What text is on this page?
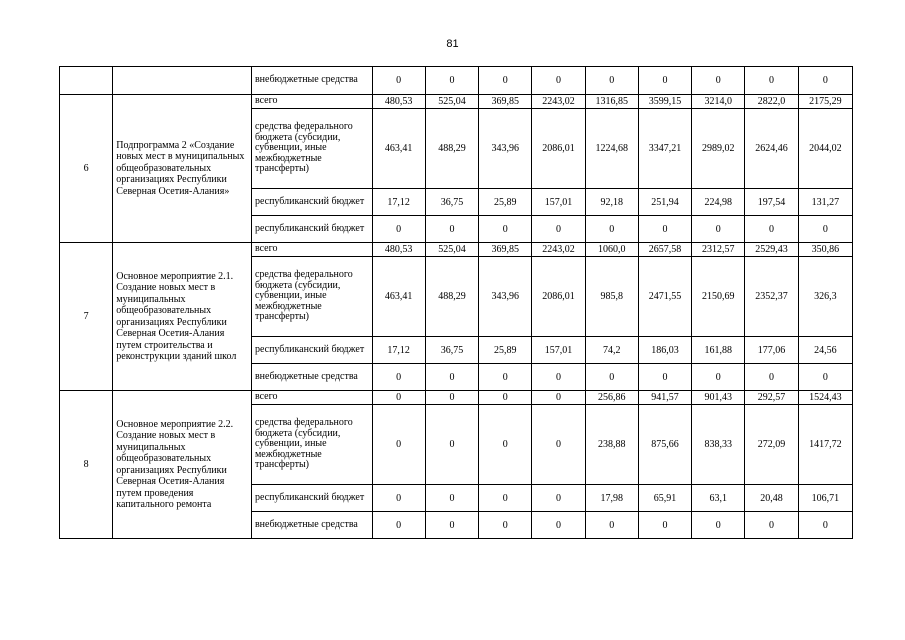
81
		внебюджетные средства	0	0	0	0	0	0	0	0	0
6	Подпрограмма 2 «Создание новых мест в муниципальных общеобразовательных организациях Республики Северная Осетия-Алания»	всего	480,53	525,04	369,85	2243,02	1316,85	3599,15	3214,0	2822,0	2175,29
		средства федерального бюджета (субсидии, субвенции, иные межбюджетные трансферты)	463,41	488,29	343,96	2086,01	1224,68	3347,21	2989,02	2624,46	2044,02
		республиканский бюджет	17,12	36,75	25,89	157,01	92,18	251,94	224,98	197,54	131,27
		республиканский бюджет	0	0	0	0	0	0	0	0	0
7	Основное мероприятие 2.1. Создание новых мест в муниципальных общеобразовательных организациях Республики Северная Осетия-Алания путем строительства и реконструкции зданий школ	всего	480,53	525,04	369,85	2243,02	1060,0	2657,58	2312,57	2529,43	350,86
		средства федерального бюджета (субсидии, субвенции, иные межбюджетные трансферты)	463,41	488,29	343,96	2086,01	985,8	2471,55	2150,69	2352,37	326,3
		республиканский бюджет	17,12	36,75	25,89	157,01	74,2	186,03	161,88	177,06	24,56
		внебюджетные средства	0	0	0	0	0	0	0	0	0
8	Основное мероприятие 2.2. Создание новых мест в муниципальных общеобразовательных организациях Республики Северная Осетия-Алания путем проведения капитального ремонта	всего	0	0	0	0	256,86	941,57	901,43	292,57	1524,43
		средства федерального бюджета (субсидии, субвенции, иные межбюджетные трансферты)	0	0	0	0	238,88	875,66	838,33	272,09	1417,72
		республиканский бюджет	0	0	0	0	17,98	65,91	63,1	20,48	106,71
		внебюджетные средства	0	0	0	0	0	0	0	0	0
